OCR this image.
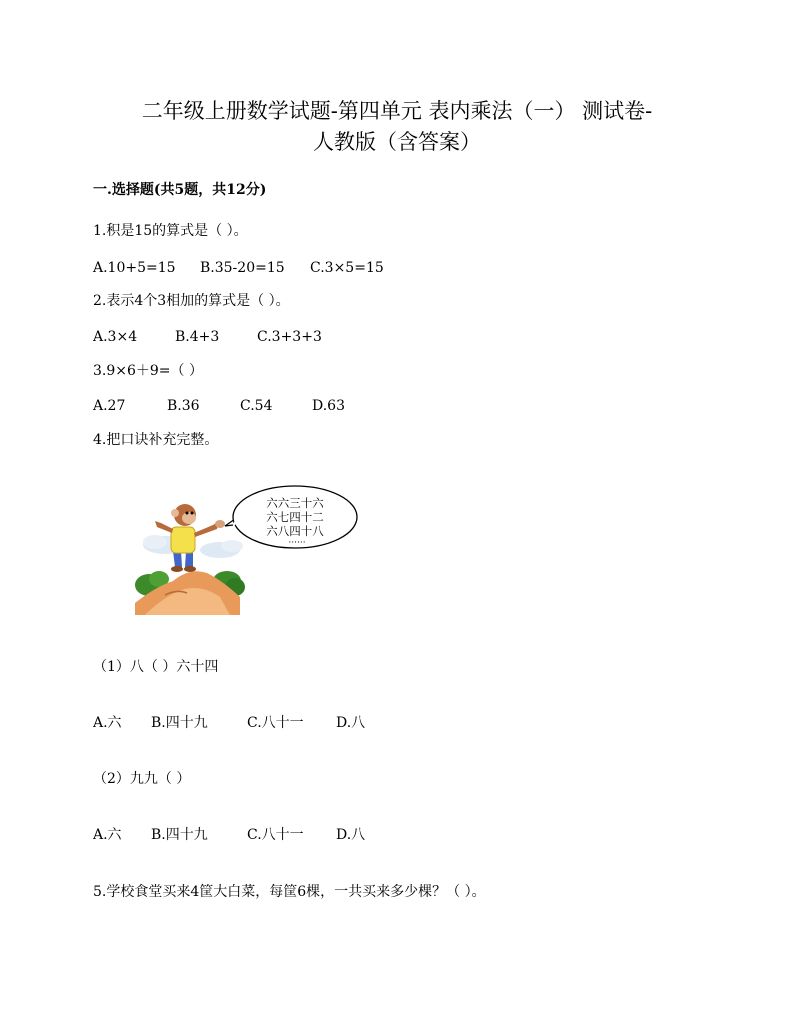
二年级上册数学试题-第四单元 表内乘法（一） 测试卷-
人教版（含答案）
一.选择题(共5题，共12分)
1.积是15的算式是（ ）。
A.10+5=15 B.35-20=15 C.3×5=15
2.表示4个3相加的算式是（ ）。
A.3×4	B.4+3	C.3+3+3
3.9×6＋9=（ ）
A.27	B.36	C.54	D.63
4.把口诀补充完整。
六六三十六
六七四十二
六八四十八
······
（1）八（ ）六十四
A.六 B.四十九	C.八十一 D.八
（2）九九（ ）
A.六 B.四十九	C.八十一 D.八
5.学校食堂买来4筐大白菜，每筐6棵，一共买来多少棵？（ ）。
